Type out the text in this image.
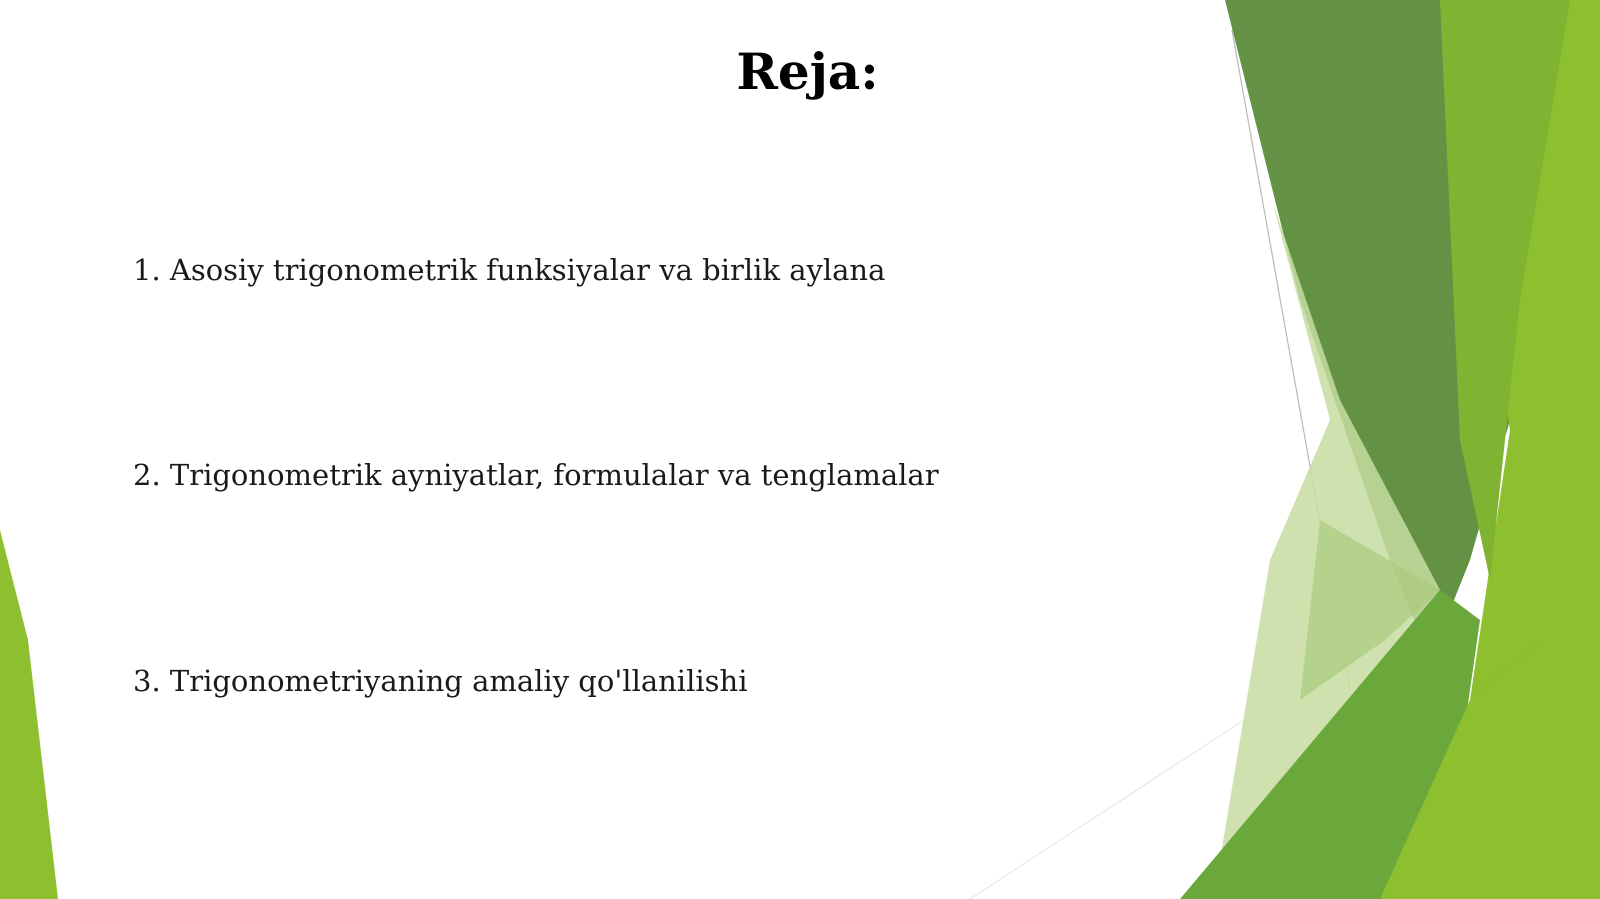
Reja:
1. Asosiy trigonometrik funksiyalar va birlik aylana
2. Trigonometrik ayniyatlar, formulalar va tenglamalar
3. Trigonometriyaning amaliy qo'llanilishi
